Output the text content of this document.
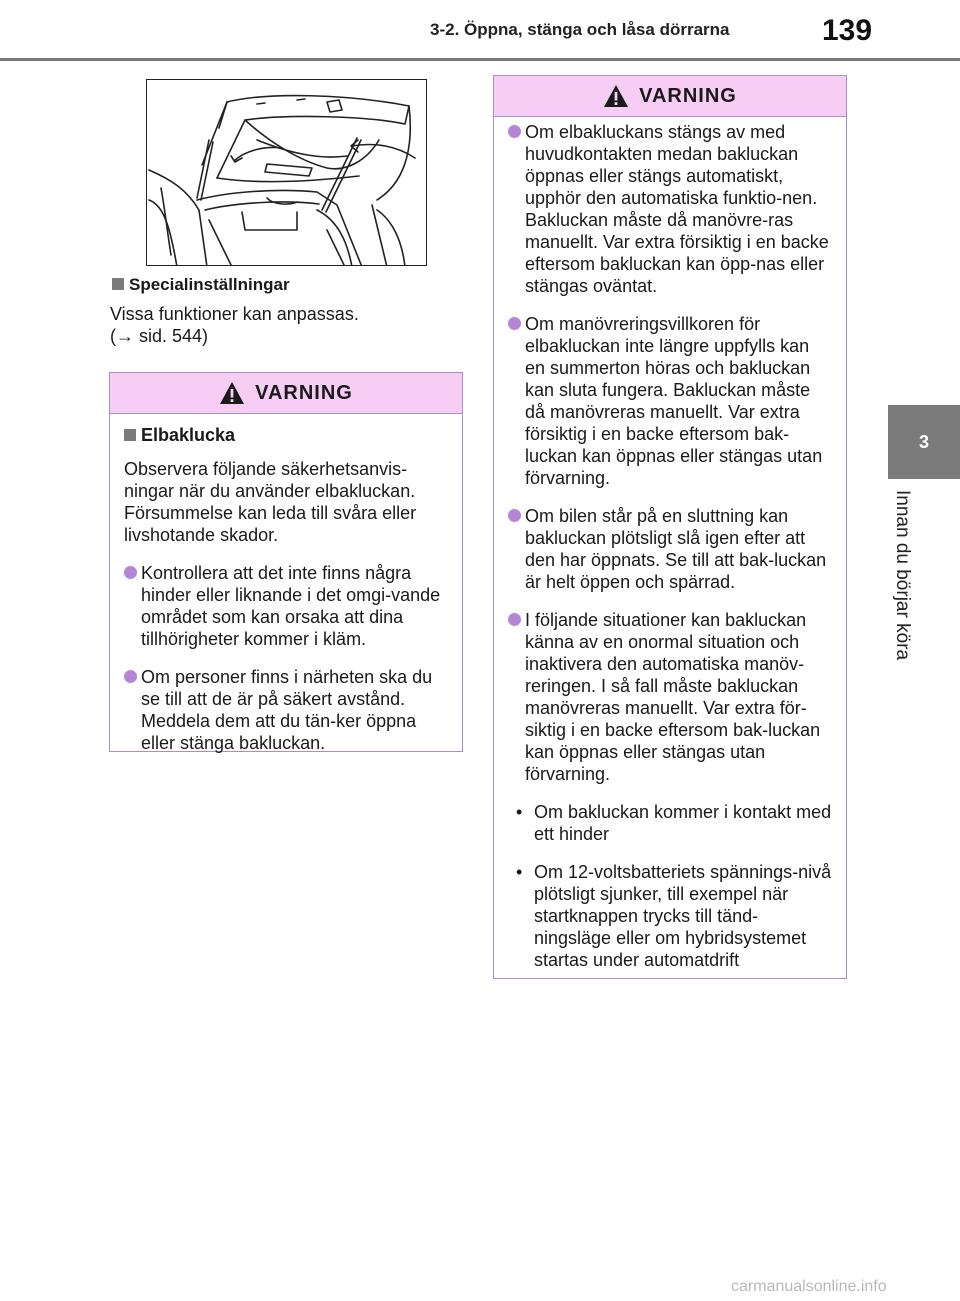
3-2. Öppna, stänga och låsa dörrarna	139
3
Innan du börjar köra
Specialinställningar
Vissa funktioner kan anpassas.
(→ sid. 544)
VARNING
Elbaklucka
Observera följande säkerhetsanvis-ningar när du använder elbakluckan. Försummelse kan leda till svåra eller livshotande skador.
Kontrollera att det inte finns några hinder eller liknande i det omgi-vande området som kan orsaka att dina tillhörigheter kommer i kläm.
Om personer finns i närheten ska du se till att de är på säkert avstånd. Meddela dem att du tän-ker öppna eller stänga bakluckan.
VARNING
Om elbakluckans stängs av med huvudkontakten medan bakluckan öppnas eller stängs automatiskt, upphör den automatiska funktio-nen. Bakluckan måste då manövre-ras manuellt. Var extra försiktig i en backe eftersom bakluckan kan öpp-nas eller stängas oväntat.
Om manövreringsvillkoren för elbakluckan inte längre uppfylls kan en summerton höras och bakluckan kan sluta fungera. Bakluckan måste då manövreras manuellt. Var extra försiktig i en backe eftersom bak-luckan kan öppnas eller stängas utan förvarning.
Om bilen står på en sluttning kan bakluckan plötsligt slå igen efter att den har öppnats. Se till att bak-luckan är helt öppen och spärrad.
I följande situationer kan bakluckan känna av en onormal situation och inaktivera den automatiska manöv-reringen. I så fall måste bakluckan manövreras manuellt. Var extra för-siktig i en backe eftersom bak-luckan kan öppnas eller stängas utan förvarning.
• Om bakluckan kommer i kontakt med ett hinder
• Om 12-voltsbatteriets spännings-nivå plötsligt sjunker, till exempel när startknappen trycks till tänd-ningsläge eller om hybridsystemet startas under automatdrift
carmanualsonline.info
